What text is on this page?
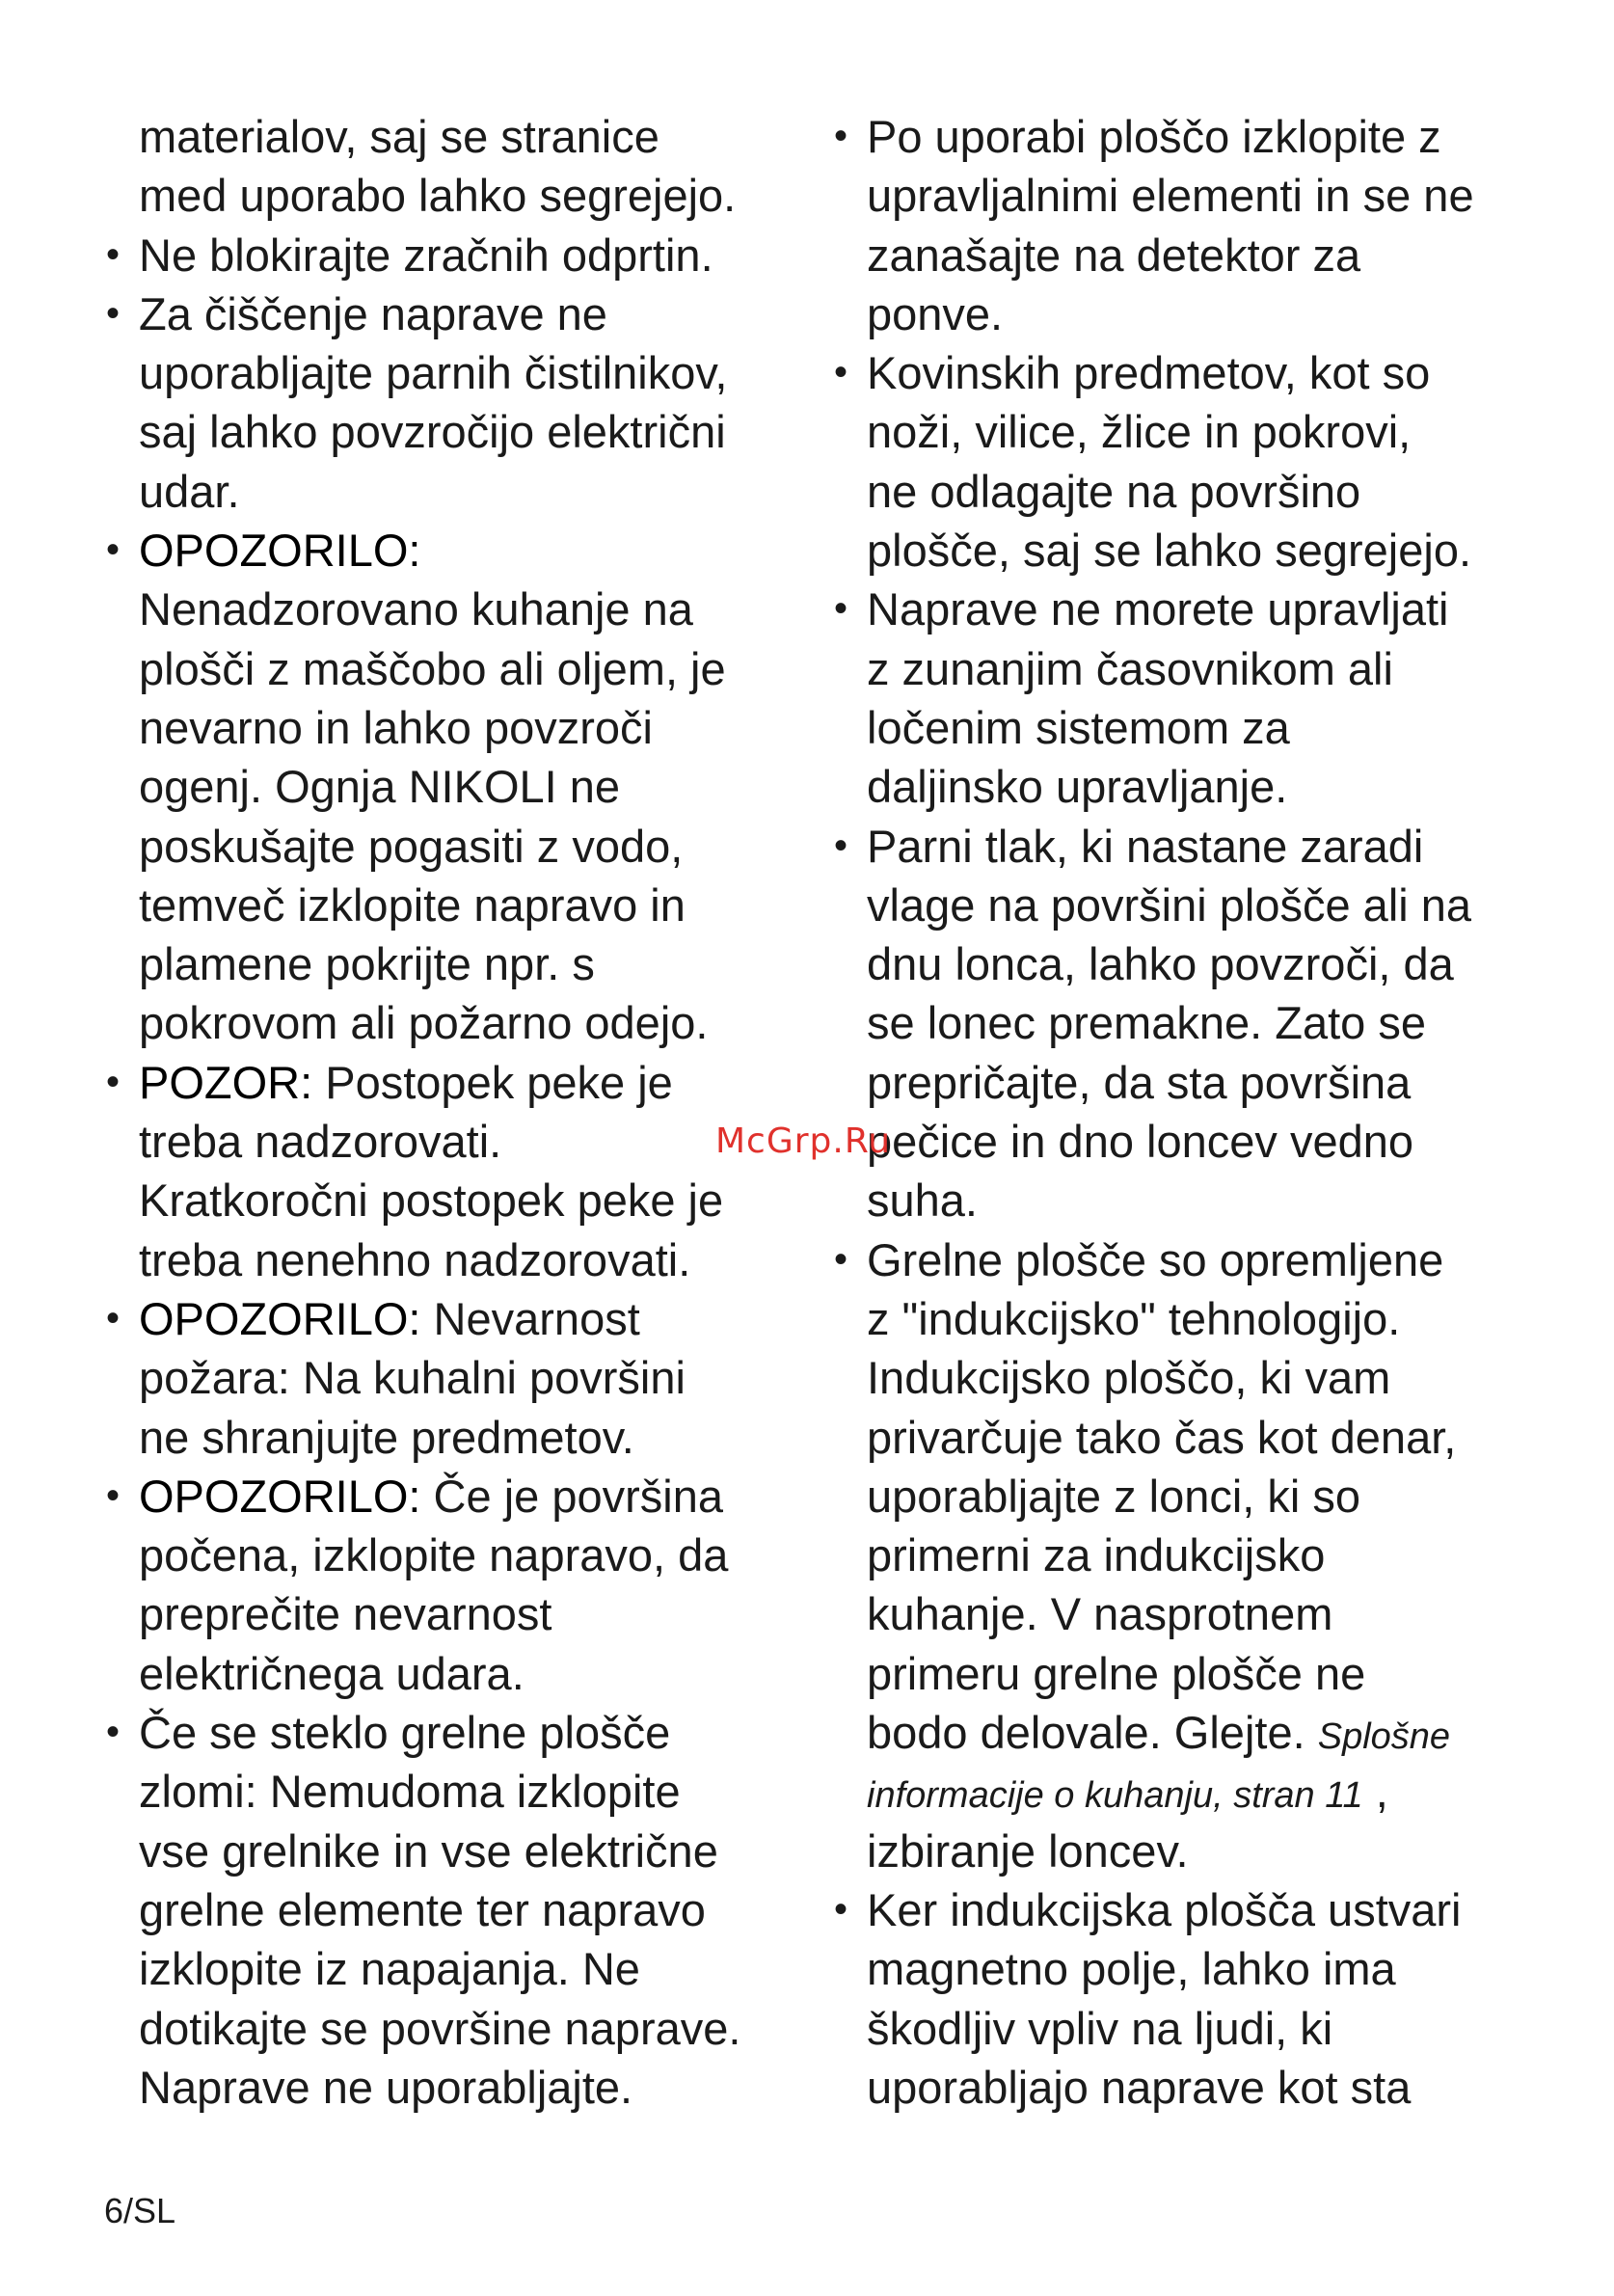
materialov, saj se stranice
med uporabo lahko segrejejo.
• Ne blokirajte zračnih odprtin.
• Za čiščenje naprave ne
uporabljajte parnih čistilnikov,
saj lahko povzročijo električni
udar.
• OPOZORILO:
Nenadzorovano kuhanje na
plošči z maščobo ali oljem, je
nevarno in lahko povzroči
ogenj. Ognja NIKOLI ne
poskušajte pogasiti z vodo,
temveč izklopite napravo in
plamene pokrijte npr. s
pokrovom ali požarno odejo.
• POZOR: Postopek peke je
treba nadzorovati.
Kratkoročni postopek peke je
treba nenehno nadzorovati.
• OPOZORILO: Nevarnost
požara: Na kuhalni površini
ne shranjujte predmetov.
• OPOZORILO: Če je površina
počena, izklopite napravo, da
preprečite nevarnost
električnega udara.
• Če se steklo grelne plošče
zlomi: Nemudoma izklopite
vse grelnike in vse električne
grelne elemente ter napravo
izklopite iz napajanja. Ne
dotikajte se površine naprave.
Naprave ne uporabljajte.
• Po uporabi ploščo izklopite z
upravljalnimi elementi in se ne
zanašajte na detektor za
ponve.
• Kovinskih predmetov, kot so
noži, vilice, žlice in pokrovi,
ne odlagajte na površino
plošče, saj se lahko segrejejo.
• Naprave ne morete upravljati
z zunanjim časovnikom ali
ločenim sistemom za
daljinsko upravljanje.
• Parni tlak, ki nastane zaradi
vlage na površini plošče ali na
dnu lonca, lahko povzroči, da
se lonec premakne. Zato se
prepričajte, da sta površina
pečice in dno loncev vedno
suha.
• Grelne plošče so opremljene
z "indukcijsko" tehnologijo.
Indukcijsko ploščo, ki vam
privarčuje tako čas kot denar,
uporabljajte z lonci, ki so
primerni za indukcijsko
kuhanje. V nasprotnem
primeru grelne plošče ne
bodo delovale. Glejte. Splošne
informacije o kuhanju, stran 11 ,
izbiranje loncev.
• Ker indukcijska plošča ustvari
magnetno polje, lahko ima
škodljiv vpliv na ljudi, ki
uporabljajo naprave kot sta
McGrp.Ru
6/SL
